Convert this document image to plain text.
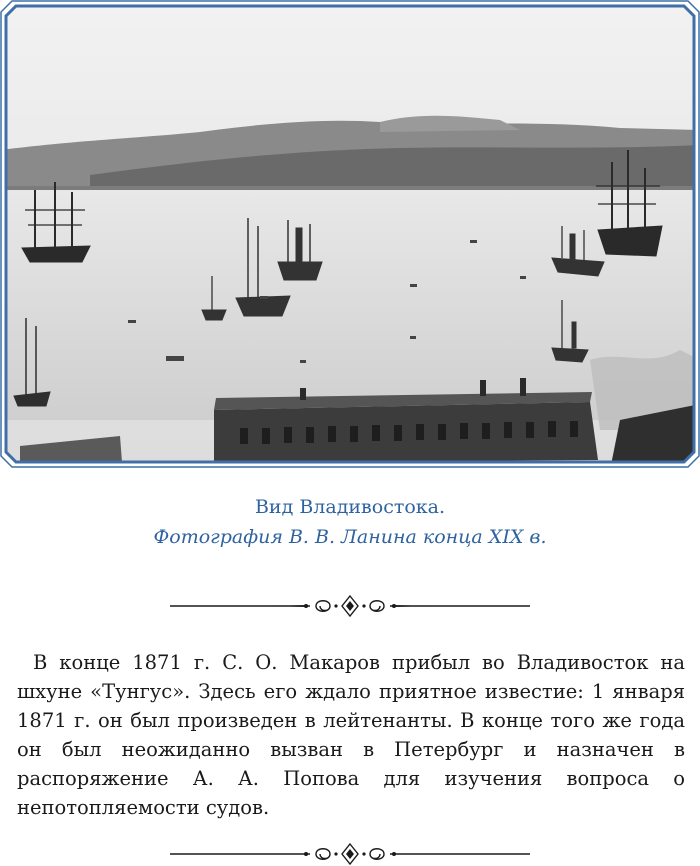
Вид Владивостока.
Фотография В. В. Ланина конца XIX в.

В конце 1871 г. С. О. Макаров прибыл во Владивосток на шхуне «Тунгус». Здесь его ждало приятное известие: 1 января 1871 г. он был произведен в лейтенанты. В конце того же года он был неожиданно вызван в Петербург и назначен в распоряжение А. А. Попова для изучения вопроса о непотопляемости судов.
